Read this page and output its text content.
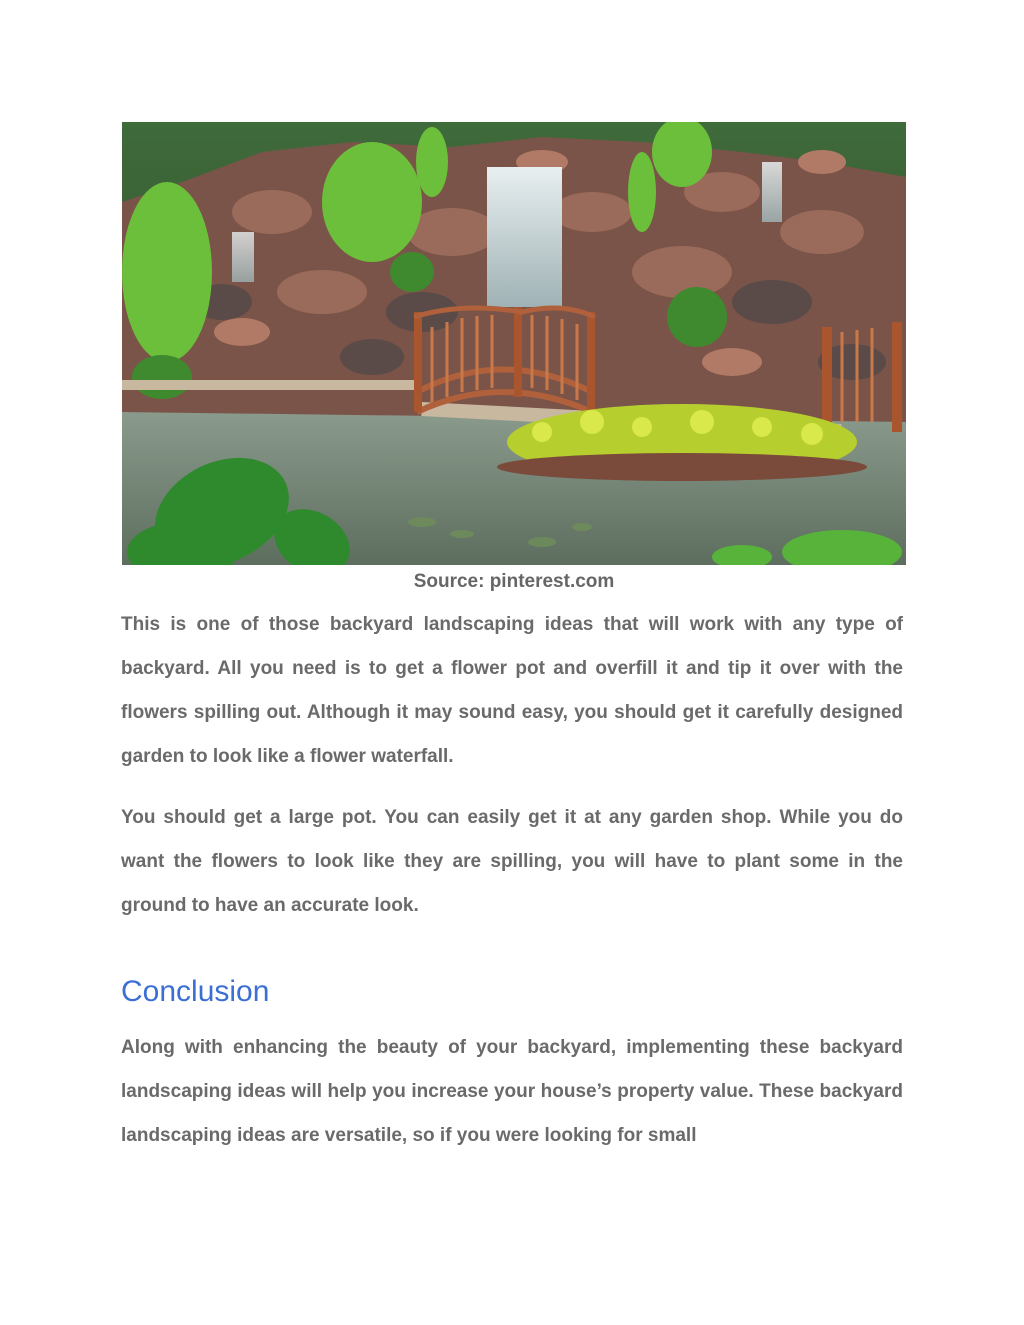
Source: pinterest.com

This is one of those backyard landscaping ideas that will work with any type of backyard. All you need is to get a flower pot and overfill it and tip it over with the flowers spilling out. Although it may sound easy, you should get it carefully designed garden to look like a flower waterfall.

You should get a large pot. You can easily get it at any garden shop. While you do want the flowers to look like they are spilling, you will have to plant some in the ground to have an accurate look.

Conclusion

Along with enhancing the beauty of your backyard, implementing these backyard landscaping ideas will help you increase your house’s property value. These backyard landscaping ideas are versatile, so if you were looking for small
